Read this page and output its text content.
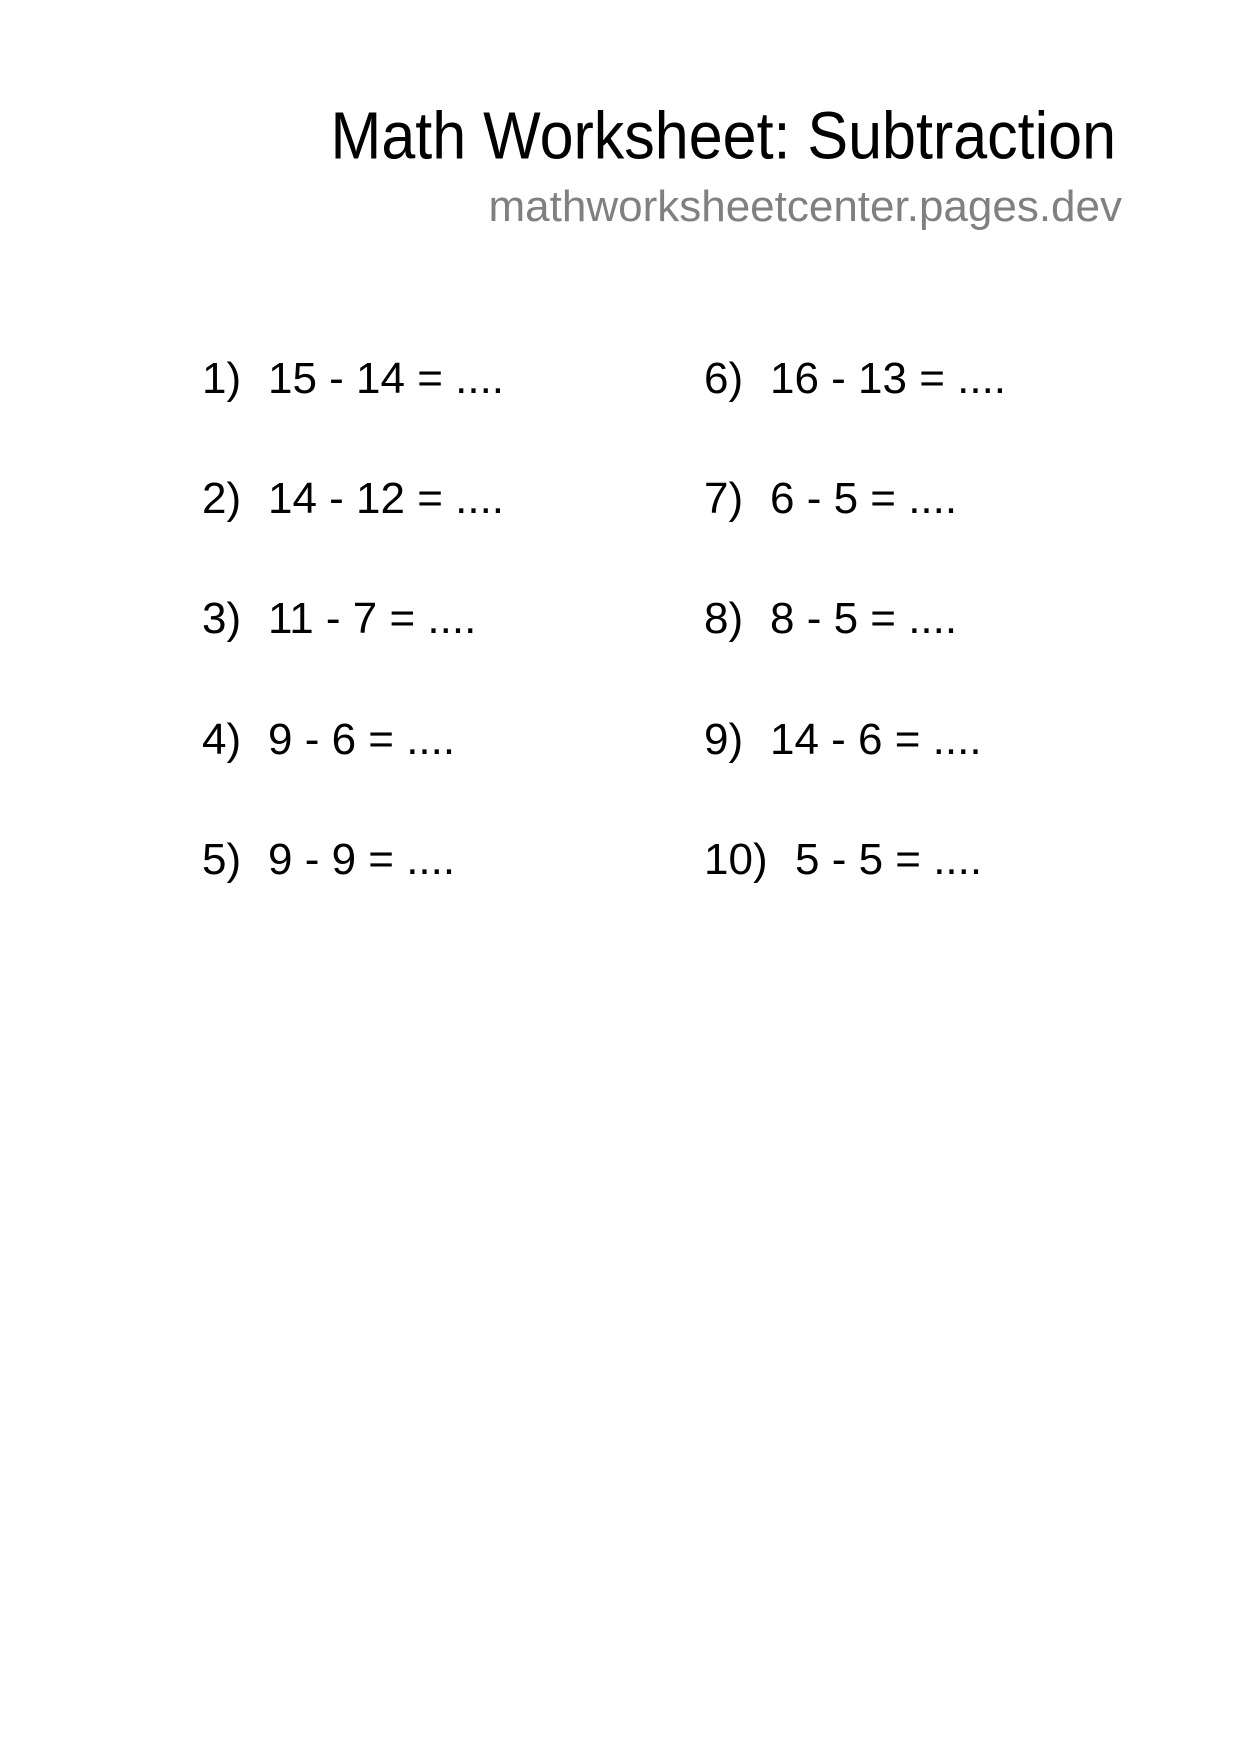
Math Worksheet: Subtraction
mathworksheetcenter.pages.dev
1) 15 - 14 = ....
2) 14 - 12 = ....
3) 11 - 7 = ....
4) 9 - 6 = ....
5) 9 - 9 = ....
6) 16 - 13 = ....
7) 6 - 5 = ....
8) 8 - 5 = ....
9) 14 - 6 = ....
10) 5 - 5 = ....
